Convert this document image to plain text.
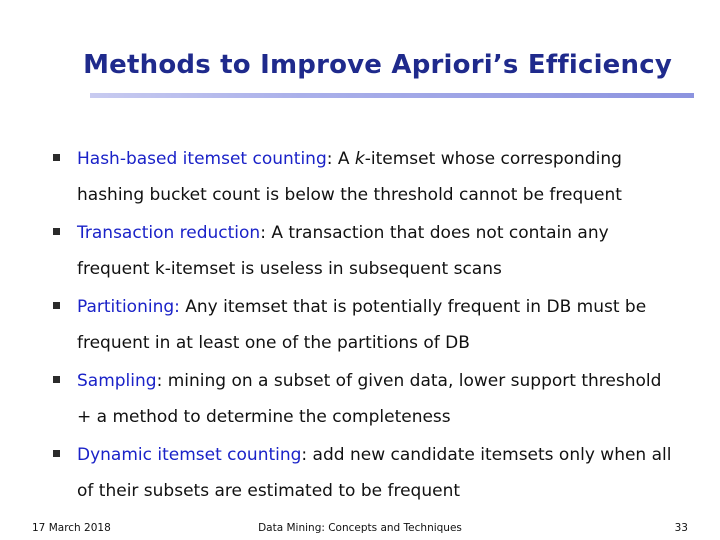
Methods to Improve Apriori’s Efficiency
Hash-based itemset counting: A k-itemset whose corresponding hashing bucket count is below the threshold cannot be frequent
Transaction reduction: A transaction that does not contain any frequent k-itemset is useless in subsequent scans
Partitioning: Any itemset that is potentially frequent in DB must be frequent in at least one of the partitions of DB
Sampling: mining on a subset of given data, lower support threshold + a method to determine the completeness
Dynamic itemset counting: add new candidate itemsets only when all of their subsets are estimated to be frequent
17 March 2018	Data Mining: Concepts and Techniques	33
